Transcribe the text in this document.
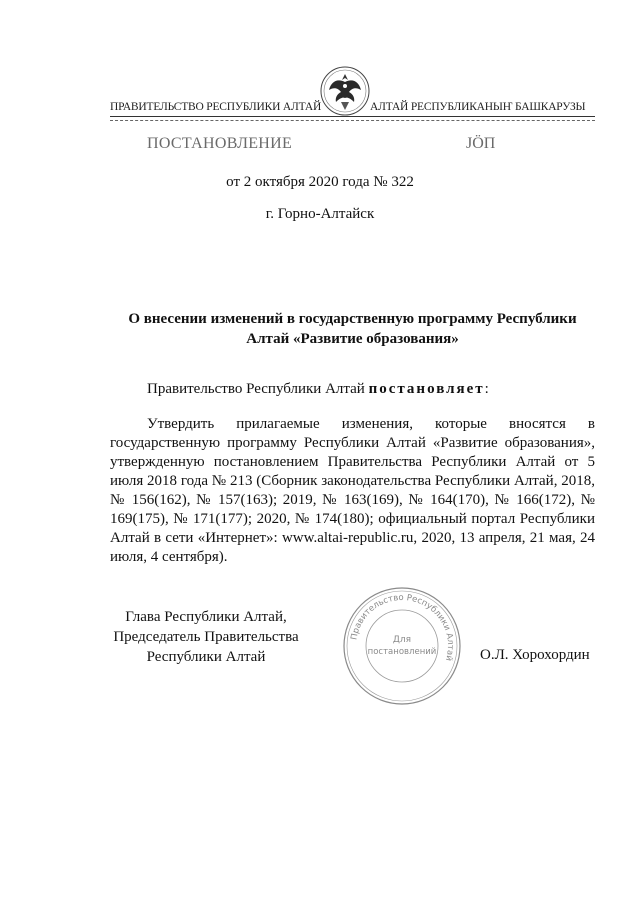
ПРАВИТЕЛЬСТВО РЕСПУБЛИКИ АЛТАЙ	АЛТАЙ РЕСПУБЛИКАНЫҤ БАШКАРУЗЫ
ПОСТАНОВЛЕНИЕ	ЈӦП
от 2 октября 2020 года № 322
г. Горно-Алтайск
О внесении изменений в государственную программу Республики
Алтай «Развитие образования»
Правительство Республики Алтай постановляет:

Утвердить прилагаемые изменения, которые вносятся в государственную программу Республики Алтай «Развитие образования», утвержденную постановлением Правительства Республики Алтай от 5 июля 2018 года № 213 (Сборник законодательства Республики Алтай, 2018, № 156(162), № 157(163); 2019, № 163(169), № 164(170), № 166(172), № 169(175), № 171(177); 2020, № 174(180); официальный портал Республики Алтай в сети «Интернет»: www.altai-republic.ru, 2020, 13 апреля, 21 мая, 24 июля, 4 сентября).

Глава Республики Алтай,
Председатель Правительства
Республики Алтай	О.Л. Хорохордин
Правительство Республики Алтай
Для
постановлений
